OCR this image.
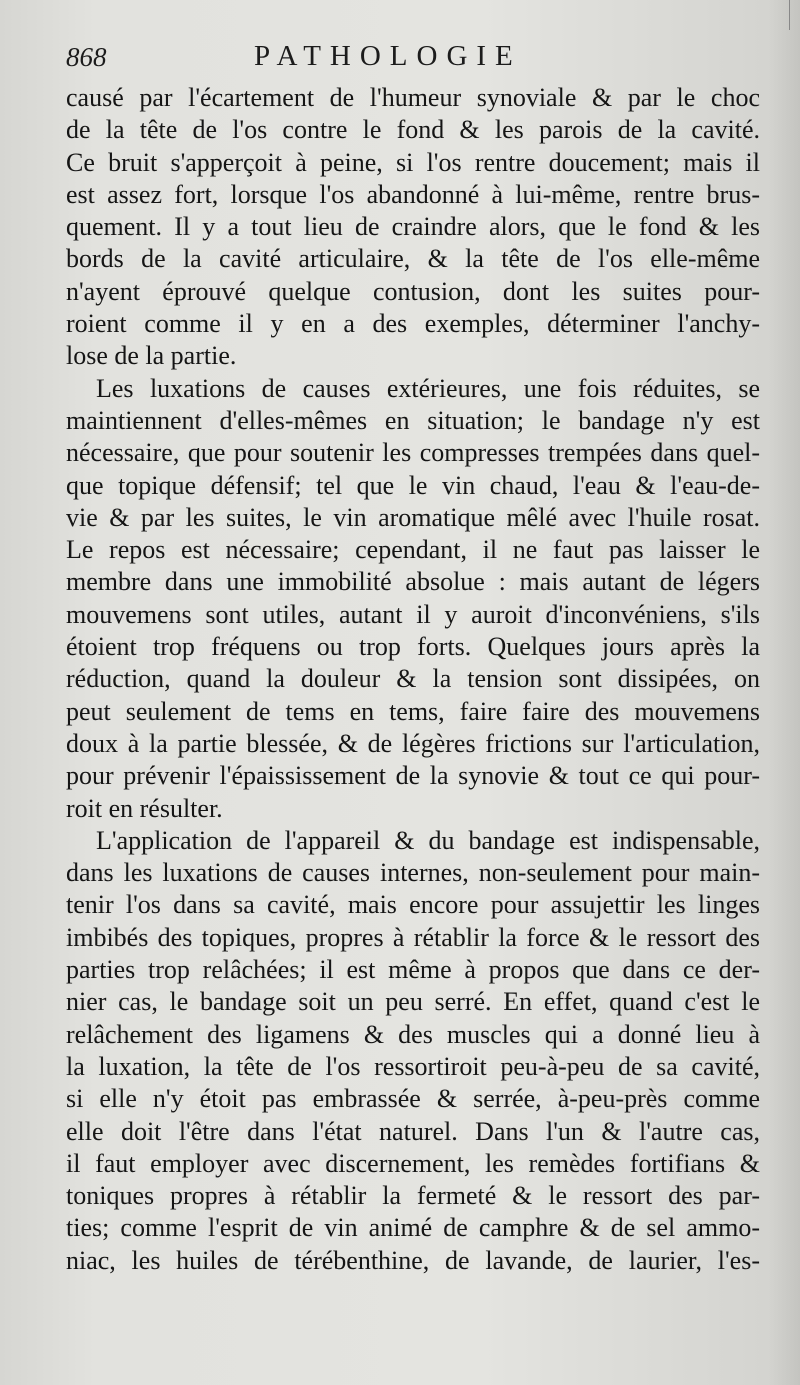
868	PATHOLOGIE
causé par l'écartement de l'humeur synoviale & par le choc
de la tête de l'os contre le fond & les parois de la cavité.
Ce bruit s'apperçoit à peine, si l'os rentre doucement; mais il
est assez fort, lorsque l'os abandonné à lui-même, rentre brus-
quement. Il y a tout lieu de craindre alors, que le fond & les
bords de la cavité articulaire, & la tête de l'os elle-même
n'ayent éprouvé quelque contusion, dont les suites pour-
roient comme il y en a des exemples, déterminer l'anchy-
lose de la partie.
Les luxations de causes extérieures, une fois réduites, se
maintiennent d'elles-mêmes en situation; le bandage n'y est
nécessaire, que pour soutenir les compresses trempées dans quel-
que topique défensif; tel que le vin chaud, l'eau & l'eau-de-
vie & par les suites, le vin aromatique mêlé avec l'huile rosat.
Le repos est nécessaire; cependant, il ne faut pas laisser le
membre dans une immobilité absolue : mais autant de légers
mouvemens sont utiles, autant il y auroit d'inconvéniens, s'ils
étoient trop fréquens ou trop forts. Quelques jours après la
réduction, quand la douleur & la tension sont dissipées, on
peut seulement de tems en tems, faire faire des mouvemens
doux à la partie blessée, & de légères frictions sur l'articulation,
pour prévenir l'épaississement de la synovie & tout ce qui pour-
roit en résulter.
L'application de l'appareil & du bandage est indispensable,
dans les luxations de causes internes, non-seulement pour main-
tenir l'os dans sa cavité, mais encore pour assujettir les linges
imbibés des topiques, propres à rétablir la force & le ressort des
parties trop relâchées; il est même à propos que dans ce der-
nier cas, le bandage soit un peu serré. En effet, quand c'est le
relâchement des ligamens & des muscles qui a donné lieu à
la luxation, la tête de l'os ressortiroit peu-à-peu de sa cavité,
si elle n'y étoit pas embrassée & serrée, à-peu-près comme
elle doit l'être dans l'état naturel. Dans l'un & l'autre cas,
il faut employer avec discernement, les remèdes fortifians &
toniques propres à rétablir la fermeté & le ressort des par-
ties; comme l'esprit de vin animé de camphre & de sel ammo-
niac, les huiles de térébenthine, de lavande, de laurier, l'es-
